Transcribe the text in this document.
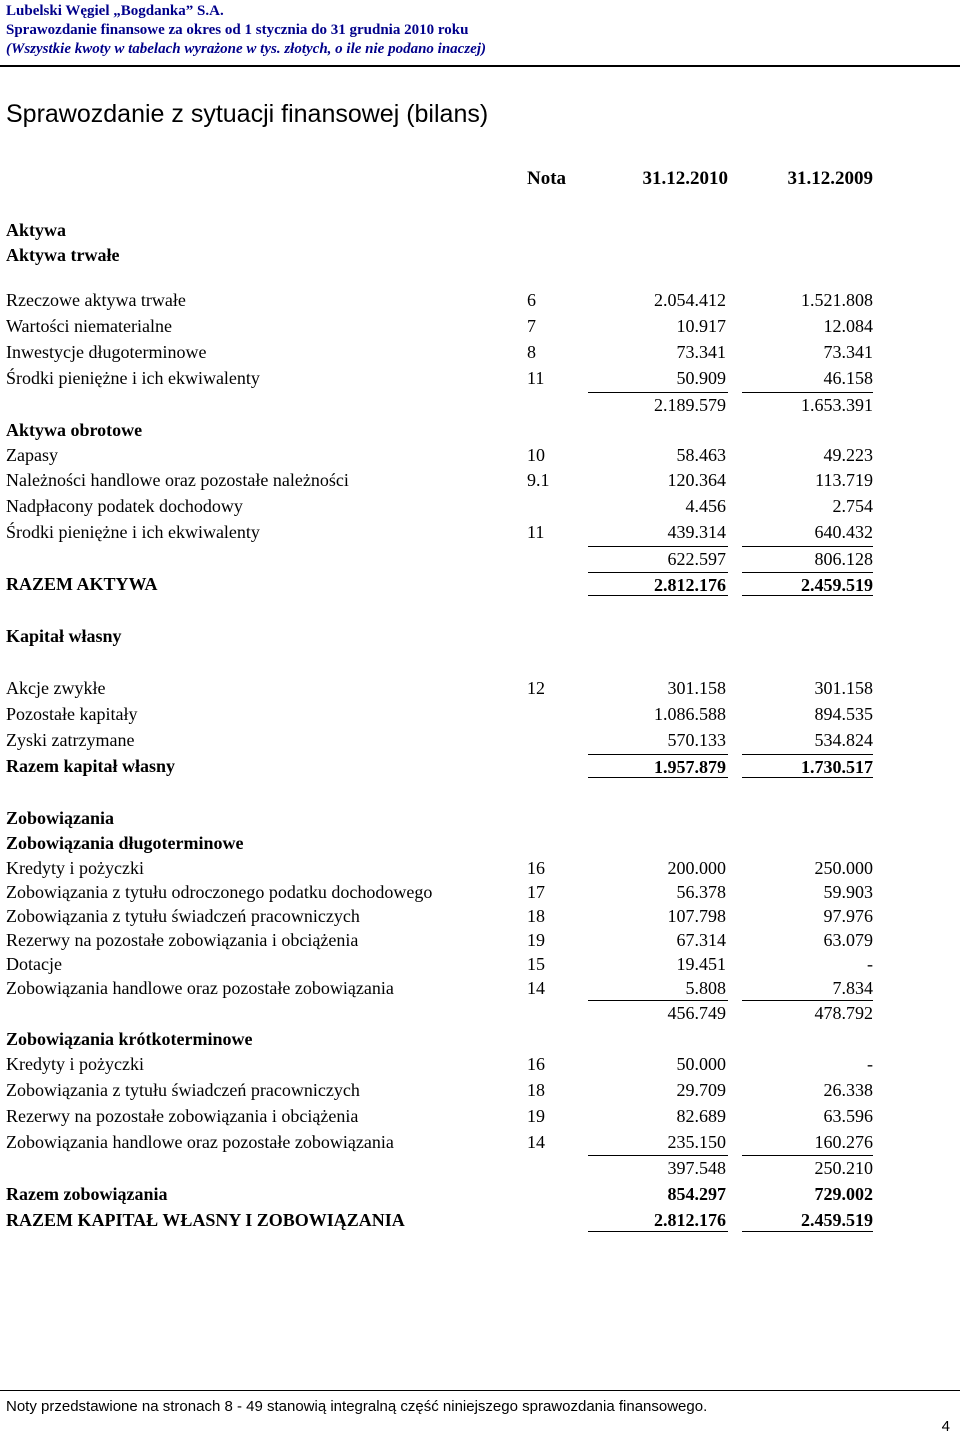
Lubelski Węgiel „Bogdanka” S.A.
Sprawozdanie finansowe za okres od 1 stycznia do 31 grudnia 2010 roku
(Wszystkie kwoty w tabelach wyrażone w tys. złotych, o ile nie podano inaczej)
Sprawozdanie z sytuacji finansowej (bilans)
Nota	31.12.2010	31.12.2009
Aktywa
Aktywa trwałe
Rzeczowe aktywa trwałe	6	2.054.412	1.521.808
Wartości niematerialne	7	10.917	12.084
Inwestycje długoterminowe	8	73.341	73.341
Środki pieniężne i ich ekwiwalenty	11	50.909	46.158
2.189.579	1.653.391
Aktywa obrotowe
Zapasy	10	58.463	49.223
Należności handlowe oraz pozostałe należności	9.1	120.364	113.719
Nadpłacony podatek dochodowy	4.456	2.754
Środki pieniężne i ich ekwiwalenty	11	439.314	640.432
622.597	806.128
RAZEM AKTYWA	2.812.176	2.459.519
Kapitał własny
Akcje zwykłe	12	301.158	301.158
Pozostałe kapitały	1.086.588	894.535
Zyski zatrzymane	570.133	534.824
Razem kapitał własny	1.957.879	1.730.517
Zobowiązania
Zobowiązania długoterminowe
Kredyty i pożyczki	16	200.000	250.000
Zobowiązania z tytułu odroczonego podatku dochodowego	17	56.378	59.903
Zobowiązania z tytułu świadczeń pracowniczych	18	107.798	97.976
Rezerwy na pozostałe zobowiązania i obciążenia	19	67.314	63.079
Dotacje	15	19.451	-
Zobowiązania handlowe oraz pozostałe zobowiązania	14	5.808	7.834
456.749	478.792
Zobowiązania krótkoterminowe
Kredyty i pożyczki	16	50.000	-
Zobowiązania z tytułu świadczeń pracowniczych	18	29.709	26.338
Rezerwy na pozostałe zobowiązania i obciążenia	19	82.689	63.596
Zobowiązania handlowe oraz pozostałe zobowiązania	14	235.150	160.276
397.548	250.210
Razem zobowiązania	854.297	729.002
RAZEM KAPITAŁ WŁASNY I ZOBOWIĄZANIA	2.812.176	2.459.519
Noty przedstawione na stronach 8 - 49 stanowią integralną część niniejszego sprawozdania finansowego.
4
